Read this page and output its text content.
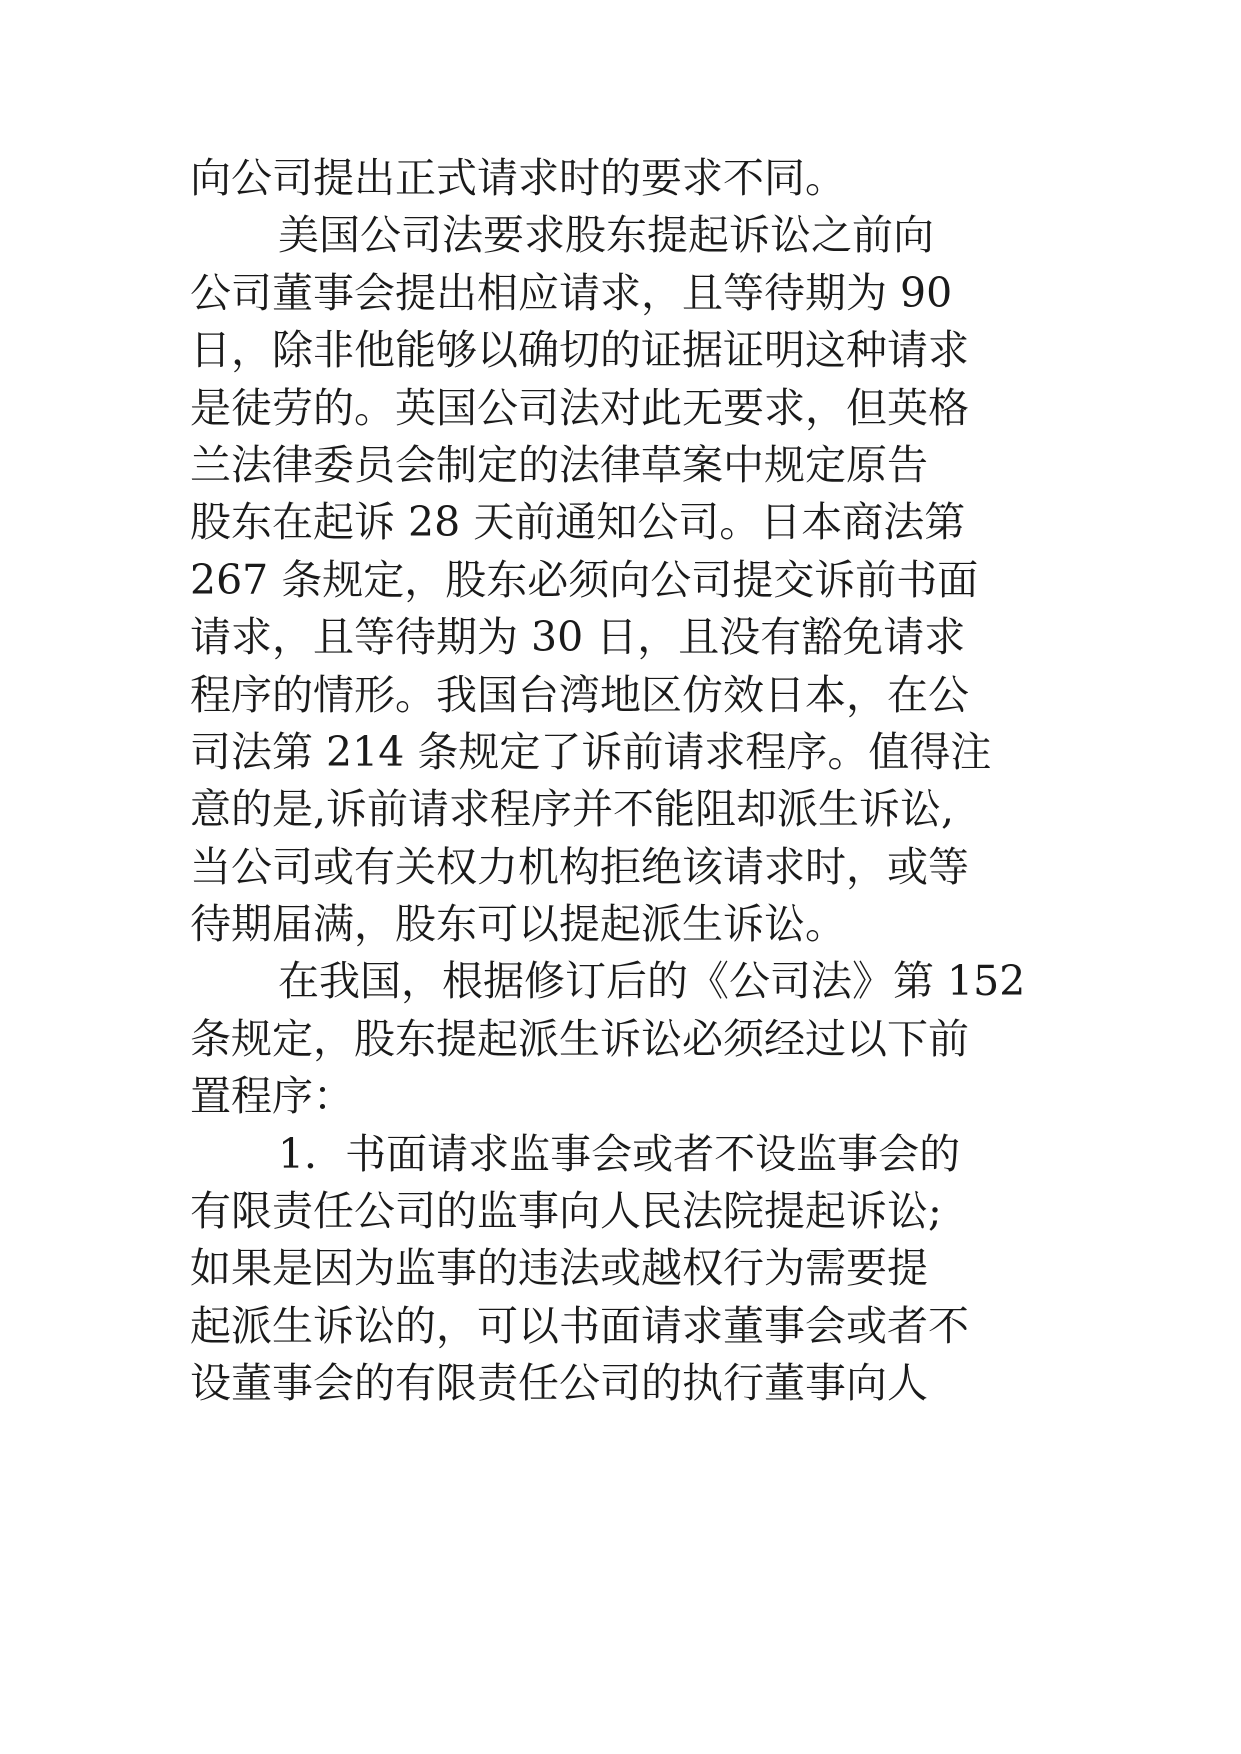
向公司提出正式请求时的要求不同。
美国公司法要求股东提起诉讼之前向
公司董事会提出相应请求，且等待期为 90
日，除非他能够以确切的证据证明这种请求
是徒劳的。英国公司法对此无要求，但英格
兰法律委员会制定的法律草案中规定原告
股东在起诉 28 天前通知公司。日本商法第
267 条规定，股东必须向公司提交诉前书面
请求，且等待期为 30 日，且没有豁免请求
程序的情形。我国台湾地区仿效日本，在公
司法第 214 条规定了诉前请求程序。值得注
意的是,诉前请求程序并不能阻却派生诉讼,
当公司或有关权力机构拒绝该请求时，或等
待期届满，股东可以提起派生诉讼。
在我国，根据修订后的《公司法》第 152
条规定，股东提起派生诉讼必须经过以下前
置程序：
1．书面请求监事会或者不设监事会的
有限责任公司的监事向人民法院提起诉讼;
如果是因为监事的违法或越权行为需要提
起派生诉讼的，可以书面请求董事会或者不
设董事会的有限责任公司的执行董事向人
